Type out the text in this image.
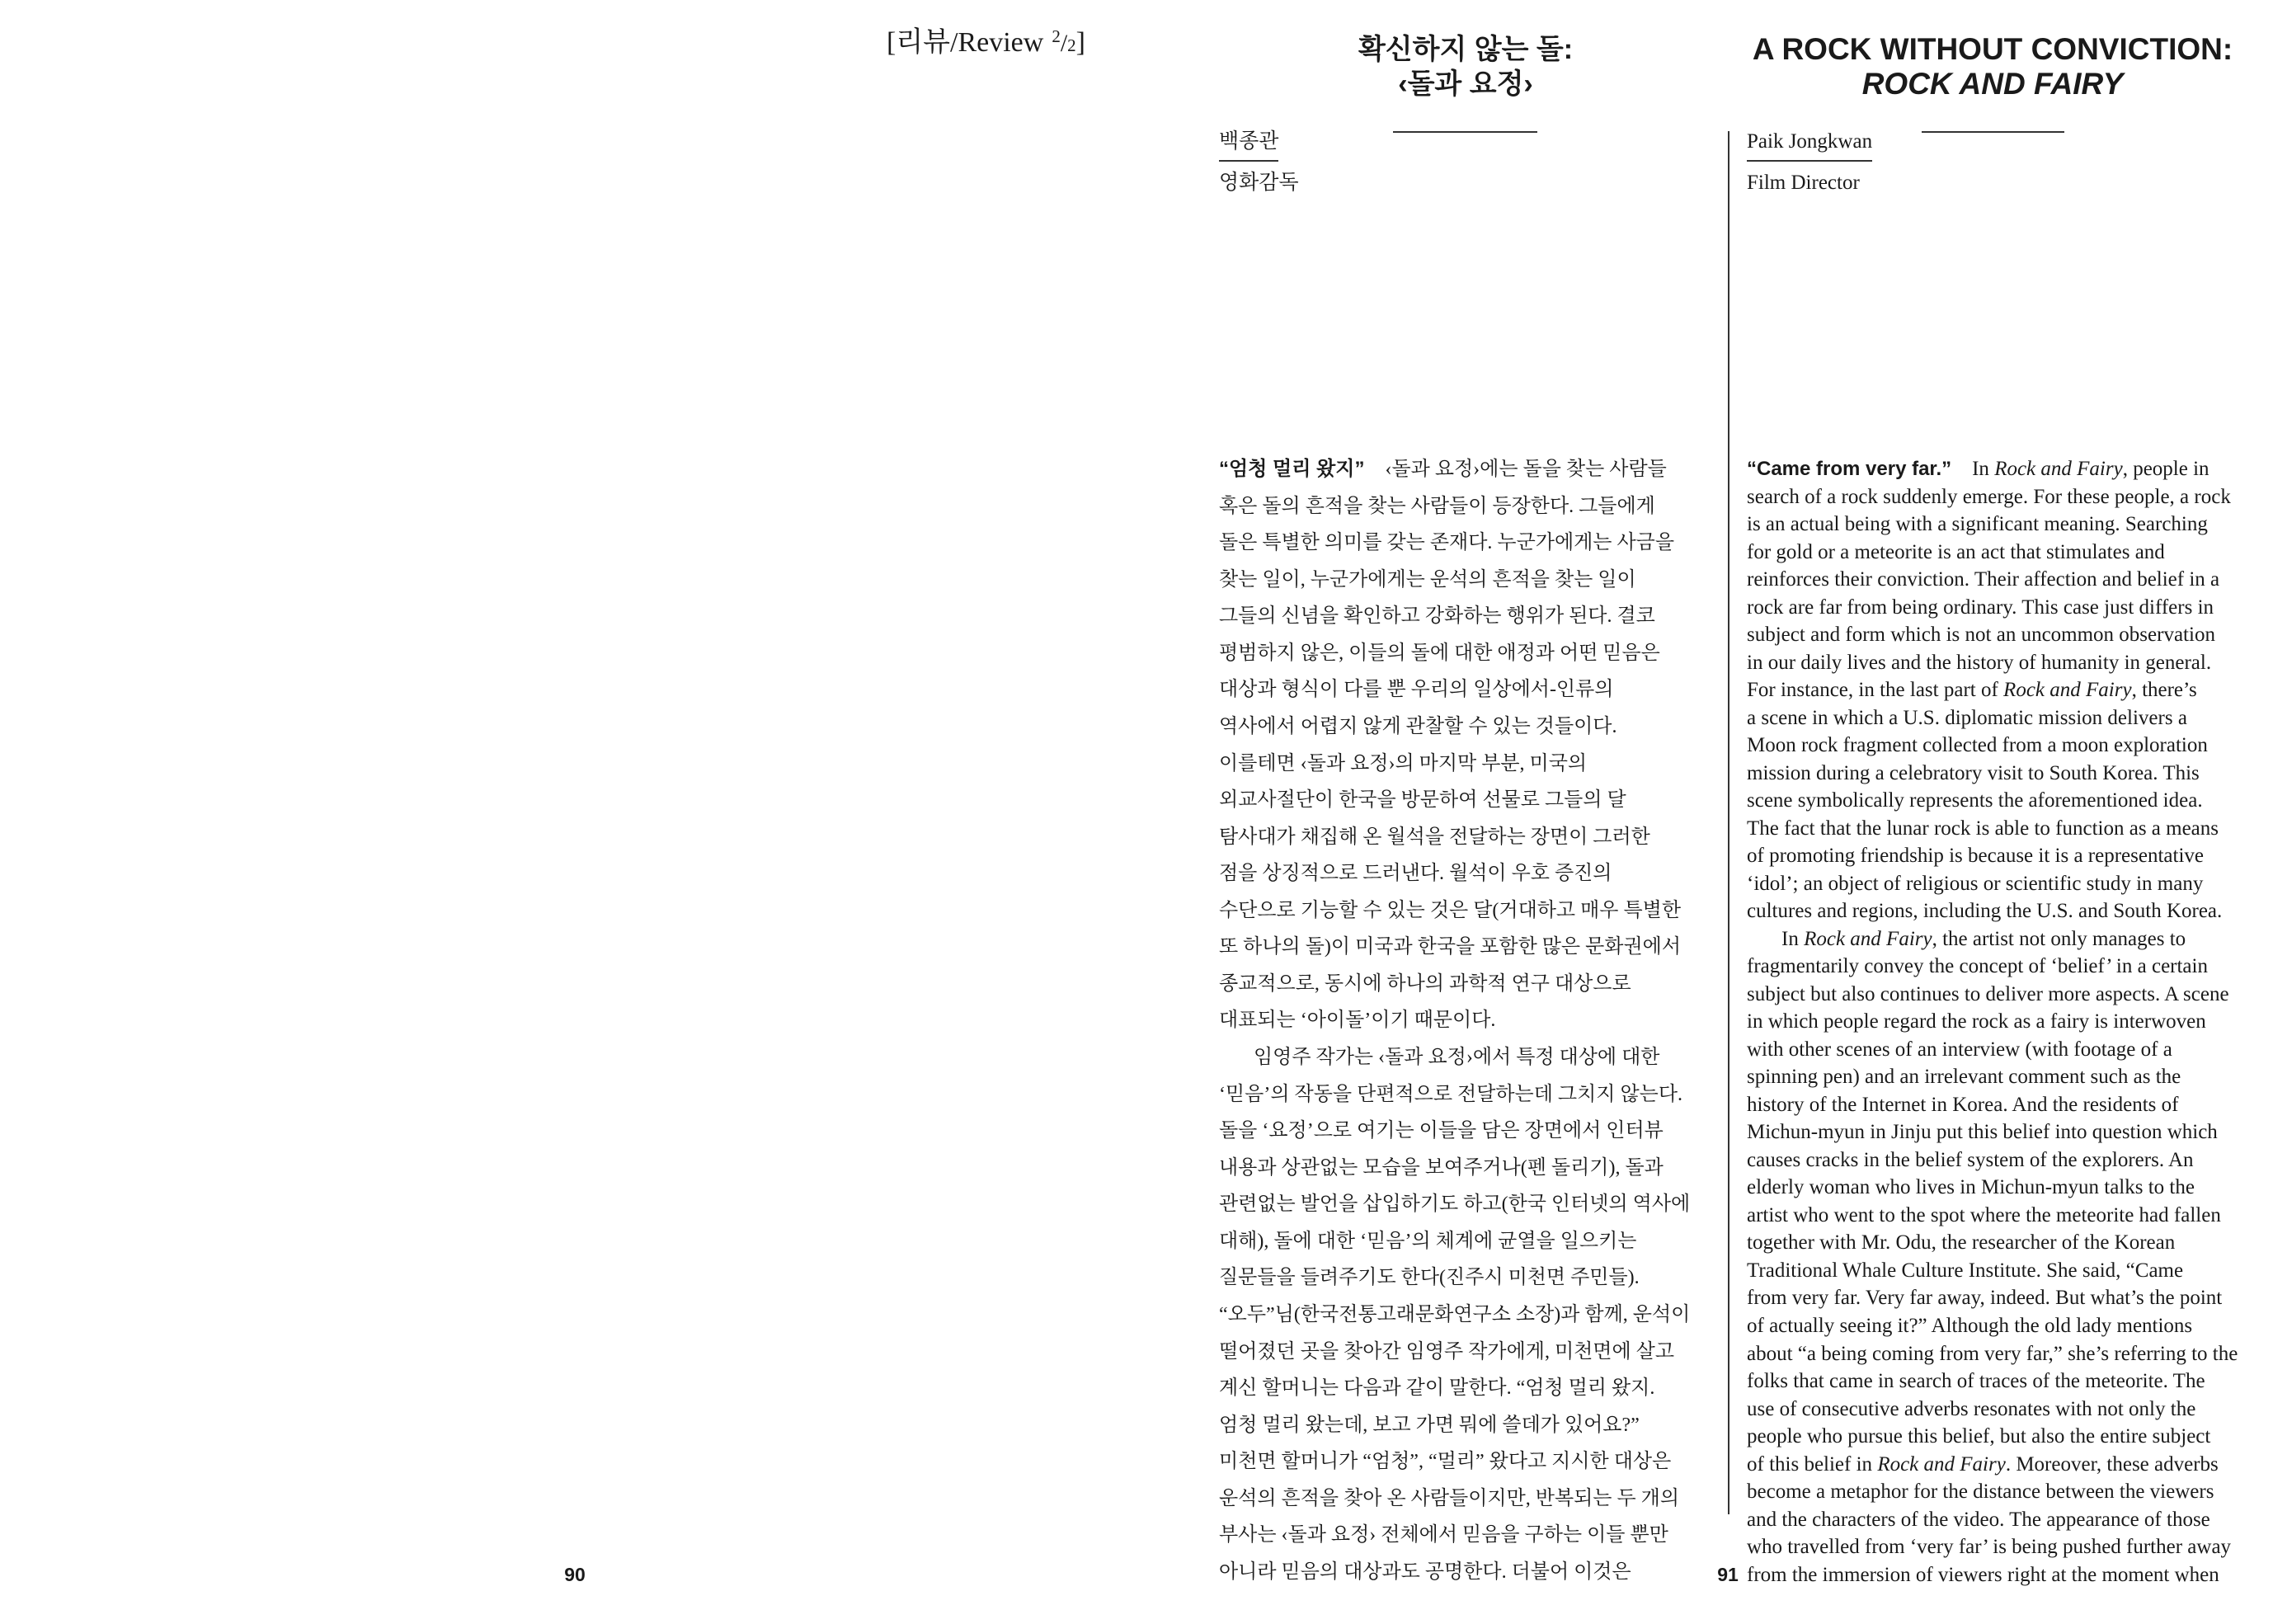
[리뷰/Review $^2$/2]
90
확신하지 않는 돌:
‹돌과 요정›
A ROCK WITHOUT CONVICTION:
ROCK AND FAIRY
백종관
영화감독
Paik Jongkwan
Film Director
“엄청 멀리 왔지” ‹돌과 요정›에는 돌을 찾는 사람들
혹은 돌의 흔적을 찾는 사람들이 등장한다. 그들에게
돌은 특별한 의미를 갖는 존재다. 누군가에게는 사금을
찾는 일이, 누군가에게는 운석의 흔적을 찾는 일이
그들의 신념을 확인하고 강화하는 행위가 된다. 결코
평범하지 않은, 이들의 돌에 대한 애정과 어떤 믿음은
대상과 형식이 다를 뿐 우리의 일상에서-인류의
역사에서 어렵지 않게 관찰할 수 있는 것들이다.
이를테면 ‹돌과 요정›의 마지막 부분, 미국의
외교사절단이 한국을 방문하여 선물로 그들의 달
탐사대가 채집해 온 월석을 전달하는 장면이 그러한
점을 상징적으로 드러낸다. 월석이 우호 증진의
수단으로 기능할 수 있는 것은 달(거대하고 매우 특별한
또 하나의 돌)이 미국과 한국을 포함한 많은 문화권에서
종교적으로, 동시에 하나의 과학적 연구 대상으로
대표되는 ‘아이돌’이기 때문이다.
임영주 작가는 ‹돌과 요정›에서 특정 대상에 대한
‘믿음’의 작동을 단편적으로 전달하는데 그치지 않는다.
돌을 ‘요정’으로 여기는 이들을 담은 장면에서 인터뷰
내용과 상관없는 모습을 보여주거나(펜 돌리기), 돌과
관련없는 발언을 삽입하기도 하고(한국 인터넷의 역사에
대해), 돌에 대한 ‘믿음’의 체계에 균열을 일으키는
질문들을 들려주기도 한다(진주시 미천면 주민들).
“오두”님(한국전통고래문화연구소 소장)과 함께, 운석이
떨어졌던 곳을 찾아간 임영주 작가에게, 미천면에 살고
계신 할머니는 다음과 같이 말한다. “엄청 멀리 왔지.
엄청 멀리 왔는데, 보고 가면 뭐에 쓸데가 있어요?”
미천면 할머니가 “엄청”, “멀리” 왔다고 지시한 대상은
운석의 흔적을 찾아 온 사람들이지만, 반복되는 두 개의
부사는 ‹돌과 요정› 전체에서 믿음을 구하는 이들 뿐만
아니라 믿음의 대상과도 공명한다. 더불어 이것은
“Came from very far.” In Rock and Fairy, people in
search of a rock suddenly emerge. For these people, a rock
is an actual being with a significant meaning. Searching
for gold or a meteorite is an act that stimulates and
reinforces their conviction. Their affection and belief in a
rock are far from being ordinary. This case just differs in
subject and form which is not an uncommon observation
in our daily lives and the history of humanity in general.
For instance, in the last part of Rock and Fairy, there’s
a scene in which a U.S. diplomatic mission delivers a
Moon rock fragment collected from a moon exploration
mission during a celebratory visit to South Korea. This
scene symbolically represents the aforementioned idea.
The fact that the lunar rock is able to function as a means
of promoting friendship is because it is a representative
‘idol’; an object of religious or scientific study in many
cultures and regions, including the U.S. and South Korea.
In Rock and Fairy, the artist not only manages to
fragmentarily convey the concept of ‘belief’ in a certain
subject but also continues to deliver more aspects. A scene
in which people regard the rock as a fairy is interwoven
with other scenes of an interview (with footage of a
spinning pen) and an irrelevant comment such as the
history of the Internet in Korea. And the residents of
Michun-myun in Jinju put this belief into question which
causes cracks in the belief system of the explorers. An
elderly woman who lives in Michun-myun talks to the
artist who went to the spot where the meteorite had fallen
together with Mr. Odu, the researcher of the Korean
Traditional Whale Culture Institute. She said, “Came
from very far. Very far away, indeed. But what’s the point
of actually seeing it?” Although the old lady mentions
about “a being coming from very far,” she’s referring to the
folks that came in search of traces of the meteorite. The
use of consecutive adverbs resonates with not only the
people who pursue this belief, but also the entire subject
of this belief in Rock and Fairy. Moreover, these adverbs
become a metaphor for the distance between the viewers
and the characters of the video. The appearance of those
who travelled from ‘very far’ is being pushed further away
from the immersion of viewers right at the moment when
91
